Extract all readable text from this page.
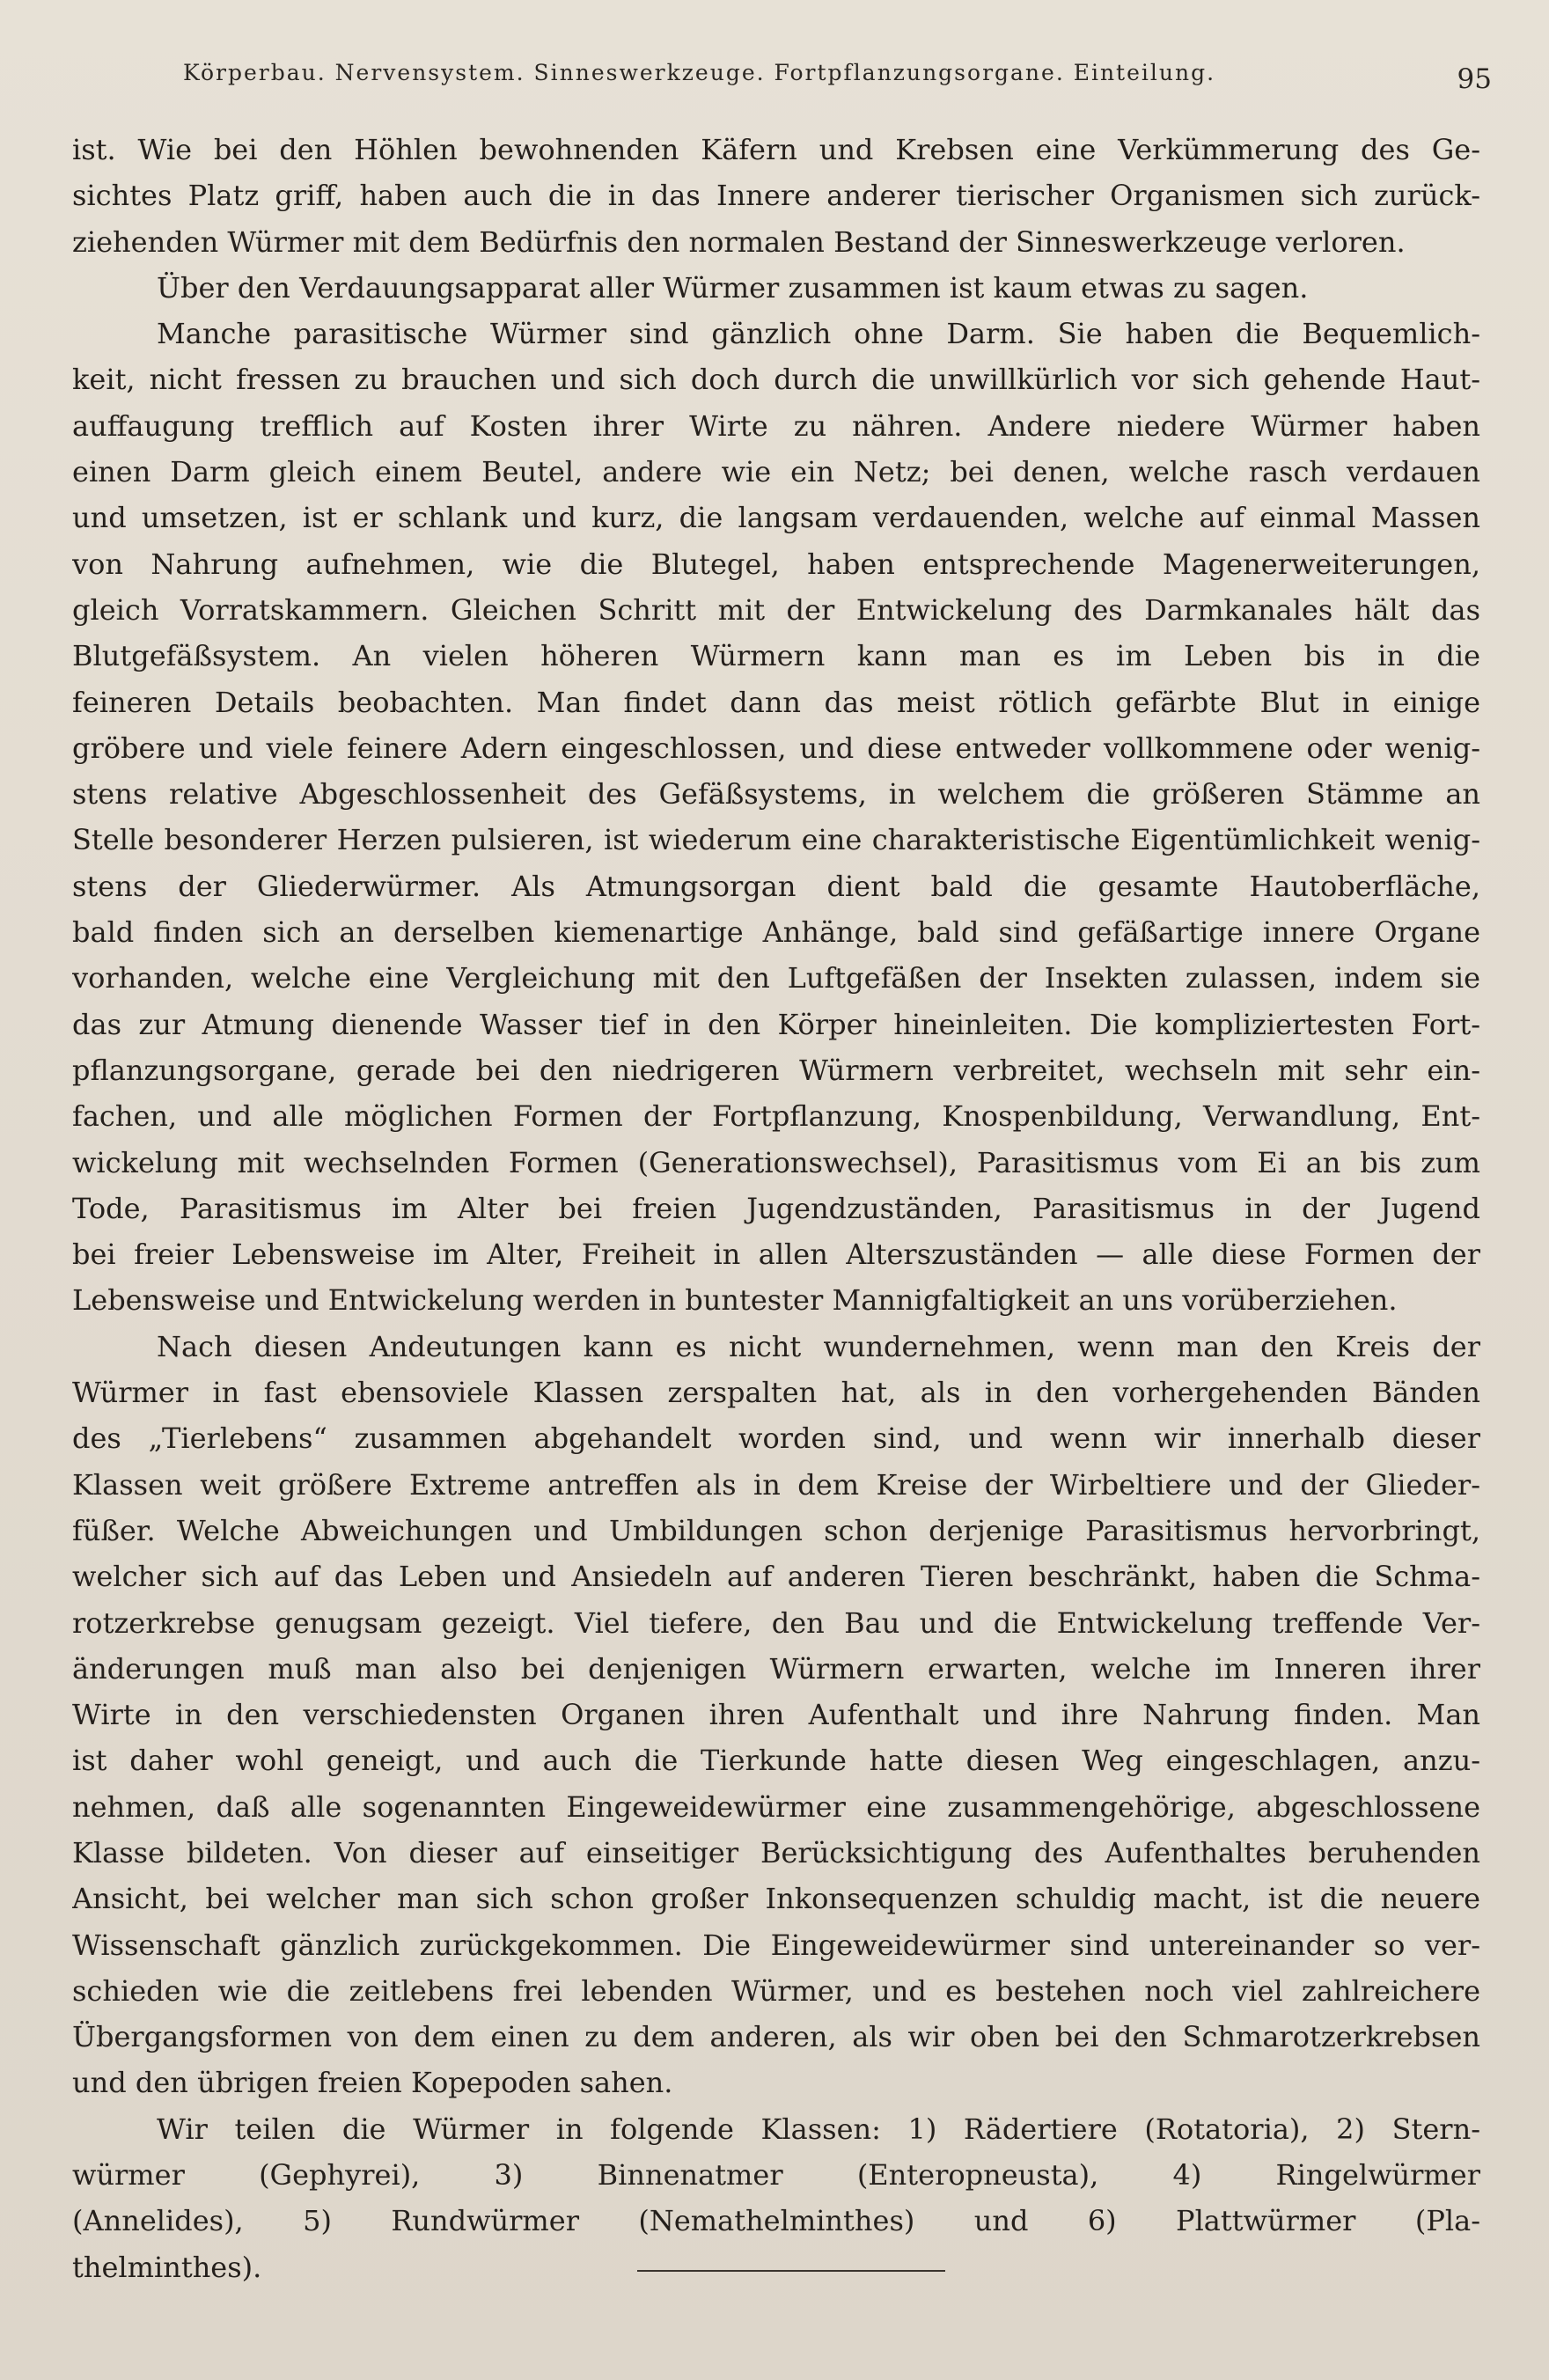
Körperbau. Nervensystem. Sinneswerkzeuge. Fortpflanzungsorgane. Einteilung.	95
ist. Wie bei den Höhlen bewohnenden Käfern und Krebsen eine Verkümmerung des Ge-
sichtes Platz griff, haben auch die in das Innere anderer tierischer Organismen sich zurück-
ziehenden Würmer mit dem Bedürfnis den normalen Bestand der Sinneswerkzeuge verloren.
Über den Verdauungsapparat aller Würmer zusammen ist kaum etwas zu sagen.
Manche parasitische Würmer sind gänzlich ohne Darm. Sie haben die Bequemlich-
keit, nicht fressen zu brauchen und sich doch durch die unwillkürlich vor sich gehende Haut-
auffaugung trefflich auf Kosten ihrer Wirte zu nähren. Andere niedere Würmer haben
einen Darm gleich einem Beutel, andere wie ein Netz; bei denen, welche rasch verdauen
und umsetzen, ist er schlank und kurz, die langsam verdauenden, welche auf einmal Massen
von Nahrung aufnehmen, wie die Blutegel, haben entsprechende Magenerweiterungen,
gleich Vorratskammern. Gleichen Schritt mit der Entwickelung des Darmkanales hält das
Blutgefäßsystem. An vielen höheren Würmern kann man es im Leben bis in die
feineren Details beobachten. Man findet dann das meist rötlich gefärbte Blut in einige
gröbere und viele feinere Adern eingeschlossen, und diese entweder vollkommene oder wenig-
stens relative Abgeschlossenheit des Gefäßsystems, in welchem die größeren Stämme an
Stelle besonderer Herzen pulsieren, ist wiederum eine charakteristische Eigentümlichkeit wenig-
stens der Gliederwürmer. Als Atmungsorgan dient bald die gesamte Hautoberfläche,
bald finden sich an derselben kiemenartige Anhänge, bald sind gefäßartige innere Organe
vorhanden, welche eine Vergleichung mit den Luftgefäßen der Insekten zulassen, indem sie
das zur Atmung dienende Wasser tief in den Körper hineinleiten. Die kompliziertesten Fort-
pflanzungsorgane, gerade bei den niedrigeren Würmern verbreitet, wechseln mit sehr ein-
fachen, und alle möglichen Formen der Fortpflanzung, Knospenbildung, Verwandlung, Ent-
wickelung mit wechselnden Formen (Generationswechsel), Parasitismus vom Ei an bis zum
Tode, Parasitismus im Alter bei freien Jugendzuständen, Parasitismus in der Jugend
bei freier Lebensweise im Alter, Freiheit in allen Alterszuständen — alle diese Formen der
Lebensweise und Entwickelung werden in buntester Mannigfaltigkeit an uns vorüberziehen.
Nach diesen Andeutungen kann es nicht wundernehmen, wenn man den Kreis der
Würmer in fast ebensoviele Klassen zerspalten hat, als in den vorhergehenden Bänden
des „Tierlebens“ zusammen abgehandelt worden sind, und wenn wir innerhalb dieser
Klassen weit größere Extreme antreffen als in dem Kreise der Wirbeltiere und der Glieder-
füßer. Welche Abweichungen und Umbildungen schon derjenige Parasitismus hervorbringt,
welcher sich auf das Leben und Ansiedeln auf anderen Tieren beschränkt, haben die Schma-
rotzerkrebse genugsam gezeigt. Viel tiefere, den Bau und die Entwickelung treffende Ver-
änderungen muß man also bei denjenigen Würmern erwarten, welche im Inneren ihrer
Wirte in den verschiedensten Organen ihren Aufenthalt und ihre Nahrung finden. Man
ist daher wohl geneigt, und auch die Tierkunde hatte diesen Weg eingeschlagen, anzu-
nehmen, daß alle sogenannten Eingeweidewürmer eine zusammengehörige, abgeschlossene
Klasse bildeten. Von dieser auf einseitiger Berücksichtigung des Aufenthaltes beruhenden
Ansicht, bei welcher man sich schon großer Inkonsequenzen schuldig macht, ist die neuere
Wissenschaft gänzlich zurückgekommen. Die Eingeweidewürmer sind untereinander so ver-
schieden wie die zeitlebens frei lebenden Würmer, und es bestehen noch viel zahlreichere
Übergangsformen von dem einen zu dem anderen, als wir oben bei den Schmarotzerkrebsen
und den übrigen freien Kopepoden sahen.
Wir teilen die Würmer in folgende Klassen: 1) Rädertiere (Rotatoria), 2) Stern-
würmer (Gephyrei), 3) Binnenatmer (Enteropneusta), 4) Ringelwürmer
(Annelides), 5) Rundwürmer (Nemathelminthes) und 6) Plattwürmer (Pla-
thelminthes).
